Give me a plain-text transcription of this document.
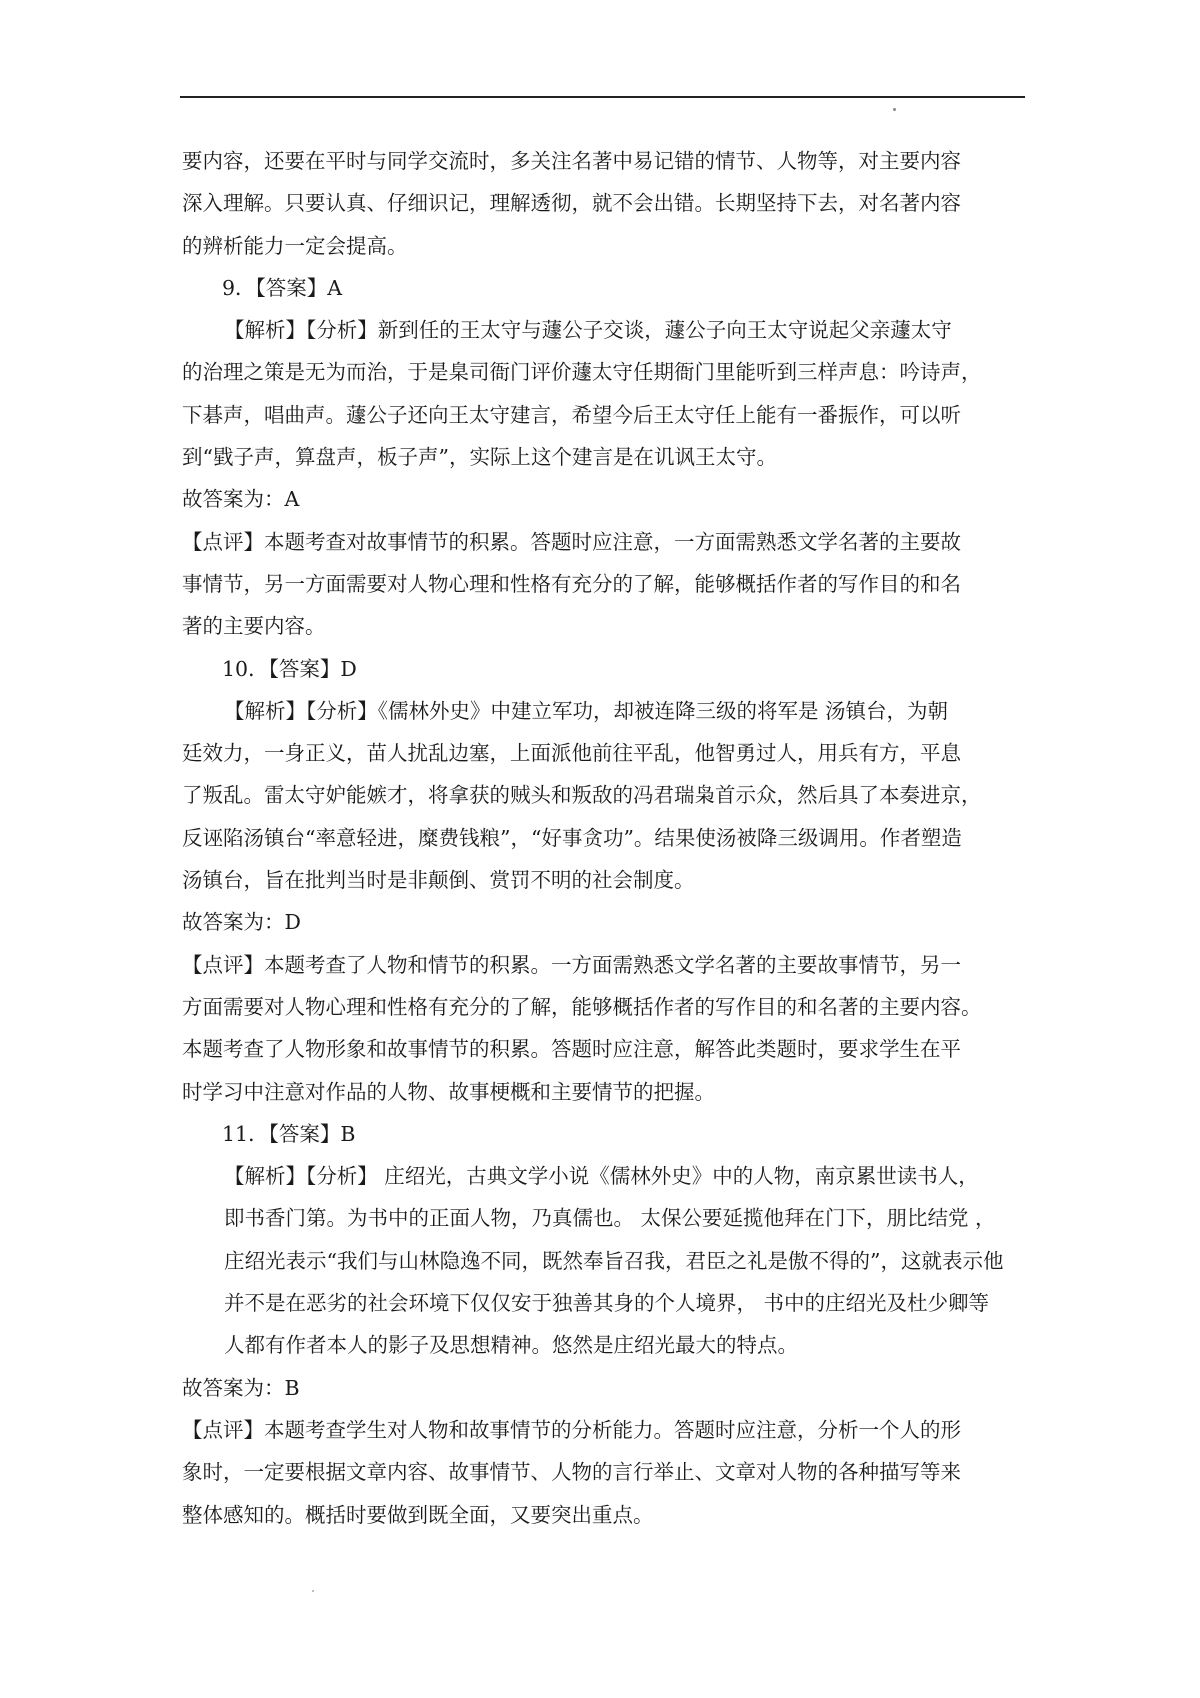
要内容，还要在平时与同学交流时，多关注名著中易记错的情节、人物等，对主要内容

深入理解。只要认真、仔细识记，理解透彻，就不会出错。长期坚持下去，对名著内容

的辨析能力一定会提高。

9．【答案】A

【解析】【分析】新到任的王太守与蘧公子交谈，蘧公子向王太守说起父亲蘧太守

的治理之策是无为而治，于是臬司衙门评价蘧太守任期衙门里能听到三样声息：吟诗声，

下碁声，唱曲声。蘧公子还向王太守建言，希望今后王太守任上能有一番振作，可以听

到“戥子声，算盘声，板子声”，实际上这个建言是在讥讽王太守。

故答案为：A

【点评】本题考查对故事情节的积累。答题时应注意，一方面需熟悉文学名著的主要故

事情节，另一方面需要对人物心理和性格有充分的了解，能够概括作者的写作目的和名

著的主要内容。

10．【答案】D

【解析】【分析】《儒林外史》中建立军功，却被连降三级的将军是 汤镇台，为朝

廷效力，一身正义，苗人扰乱边塞，上面派他前往平乱，他智勇过人，用兵有方，平息

了叛乱。雷太守妒能嫉才，将拿获的贼头和叛敌的冯君瑞枭首示众，然后具了本奏进京，

反诬陷汤镇台“率意轻进，糜费钱粮”，“好事贪功”。结果使汤被降三级调用。作者塑造

汤镇台，旨在批判当时是非颠倒、赏罚不明的社会制度。

故答案为：D

【点评】本题考查了人物和情节的积累。一方面需熟悉文学名著的主要故事情节，另一

方面需要对人物心理和性格有充分的了解，能够概括作者的写作目的和名著的主要内容。

本题考查了人物形象和故事情节的积累。答题时应注意，解答此类题时，要求学生在平

时学习中注意对作品的人物、故事梗概和主要情节的把握。

11．【答案】B

【解析】【分析】 庄绍光，古典文学小说《儒林外史》中的人物，南京累世读书人，

即书香门第。为书中的正面人物，乃真儒也。 太保公要延揽他拜在门下，朋比结党 ，

庄绍光表示“我们与山林隐逸不同，既然奉旨召我，君臣之礼是傲不得的”，这就表示他

并不是在恶劣的社会环境下仅仅安于独善其身的个人境界， 书中的庄绍光及杜少卿等

人都有作者本人的影子及思想精神。悠然是庄绍光最大的特点。

故答案为：B

【点评】本题考查学生对人物和故事情节的分析能力。答题时应注意，分析一个人的形

象时，一定要根据文章内容、故事情节、人物的言行举止、文章对人物的各种描写等来

整体感知的。概括时要做到既全面，又要突出重点。
